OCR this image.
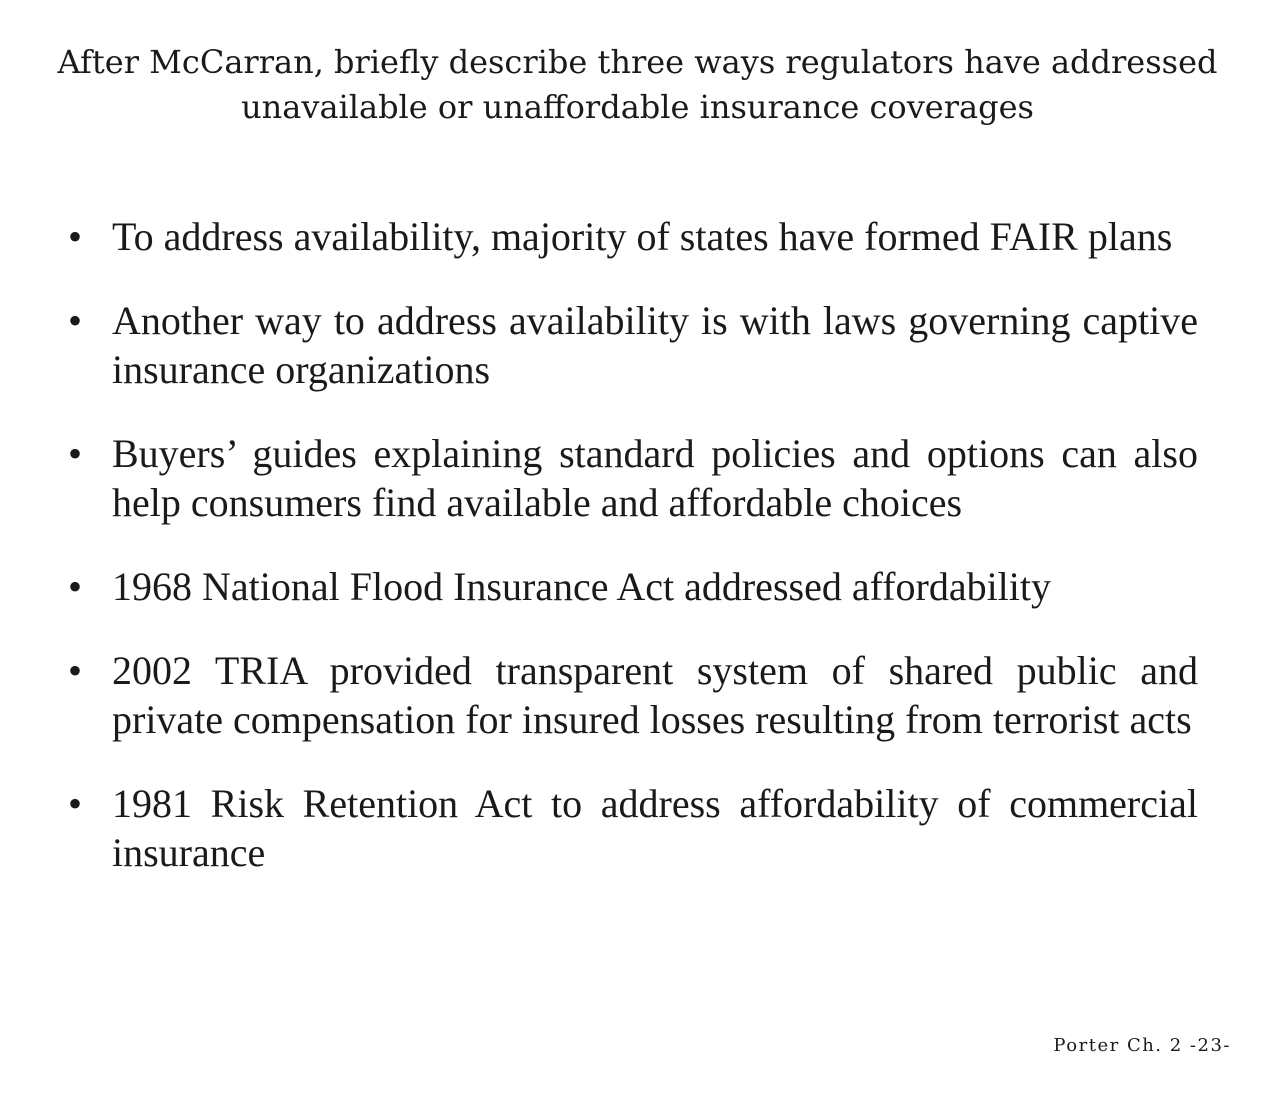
After McCarran, briefly describe three ways regulators have addressed unavailable or unaffordable insurance coverages
• To address availability, majority of states have formed FAIR plans
• Another way to address availability is with laws governing captive insurance organizations
• Buyers’ guides explaining standard policies and options can also help consumers find available and affordable choices
• 1968 National Flood Insurance Act addressed affordability
• 2002 TRIA provided transparent system of shared public and private compensation for insured losses resulting from terrorist acts
• 1981 Risk Retention Act to address affordability of commercial insurance
Porter Ch. 2 -23-
